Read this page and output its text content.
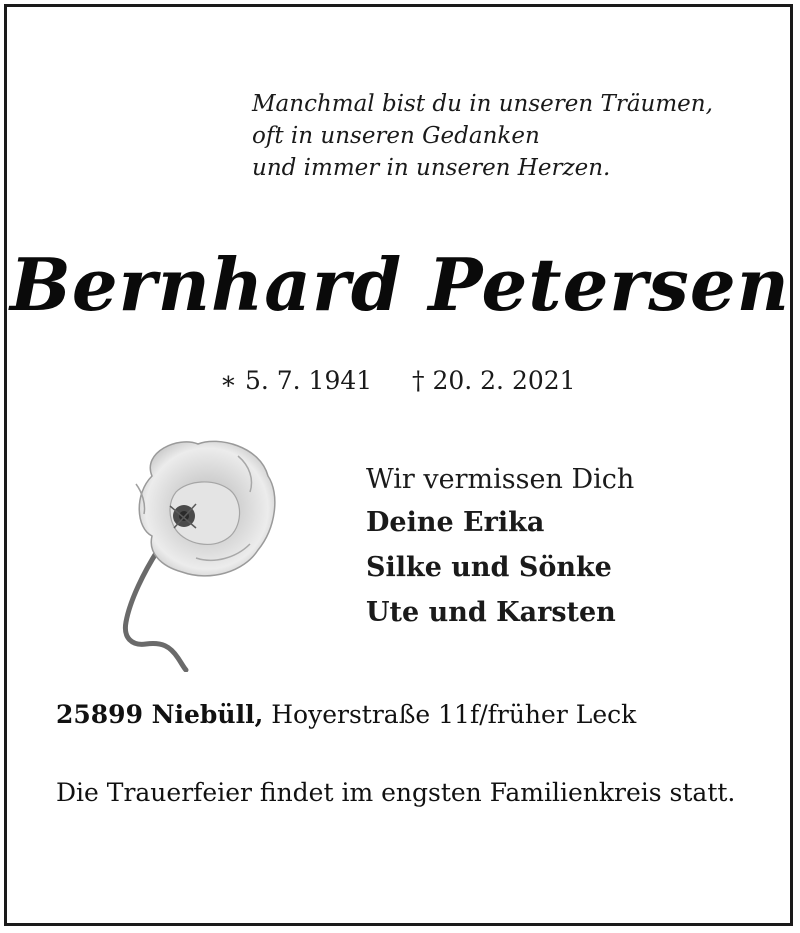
Manchmal bist du in unseren Träumen,
oft in unseren Gedanken
und immer in unseren Herzen.
Bernhard Petersen
∗ 5. 7. 1941 † 20. 2. 2021
Wir vermissen Dich
Deine Erika
Silke und Sönke
Ute und Karsten
25899 Niebüll, Hoyerstraße 11f/früher Leck
Die Trauerfeier findet im engsten Familienkreis statt.
